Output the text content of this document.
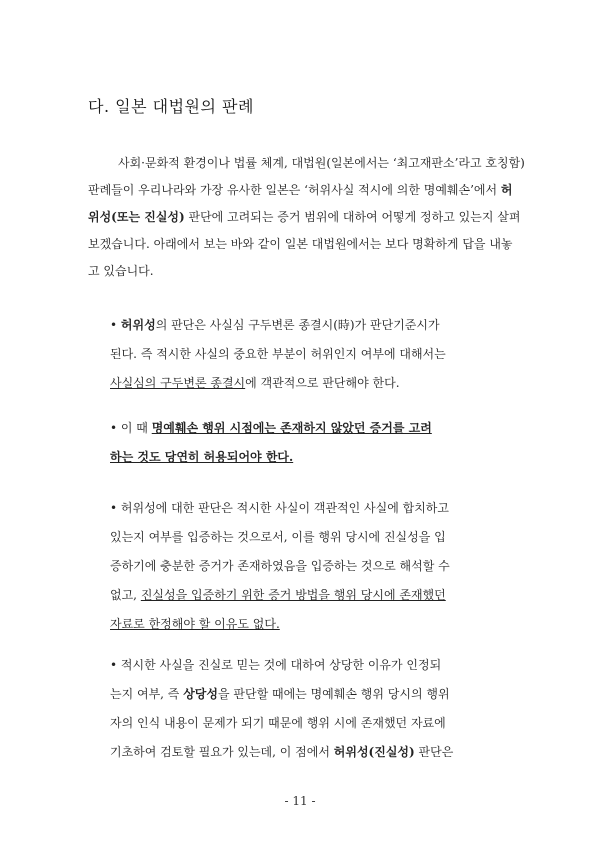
다. 일본 대법원의 판례
사회·문화적 환경이나 법률 체계, 대법원(일본에서는 ‘최고재판소’라고 호칭함)
판례들이 우리나라와 가장 유사한 일본은 ‘허위사실 적시에 의한 명예훼손’에서 허
위성(또는 진실성) 판단에 고려되는 증거 범위에 대하여 어떻게 정하고 있는지 살펴
보겠습니다. 아래에서 보는 바와 같이 일본 대법원에서는 보다 명확하게 답을 내놓
고 있습니다.
• 허위성의 판단은 사실심 구두변론 종결시(時)가 판단기준시가
된다. 즉 적시한 사실의 중요한 부분이 허위인지 여부에 대해서는
사실심의 구두변론 종결시에 객관적으로 판단해야 한다.
• 이 때 명예훼손 행위 시점에는 존재하지 않았던 증거를 고려
하는 것도 당연히 허용되어야 한다.
• 허위성에 대한 판단은 적시한 사실이 객관적인 사실에 합치하고
있는지 여부를 입증하는 것으로서, 이를 행위 당시에 진실성을 입
증하기에 충분한 증거가 존재하였음을 입증하는 것으로 해석할 수
없고, 진실성을 입증하기 위한 증거 방법을 행위 당시에 존재했던
자료로 한정해야 할 이유도 없다.
• 적시한 사실을 진실로 믿는 것에 대하여 상당한 이유가 인정되
는지 여부, 즉 상당성을 판단할 때에는 명예훼손 행위 당시의 행위
자의 인식 내용이 문제가 되기 때문에 행위 시에 존재했던 자료에
기초하여 검토할 필요가 있는데, 이 점에서 허위성(진실성) 판단은
- 11 -
